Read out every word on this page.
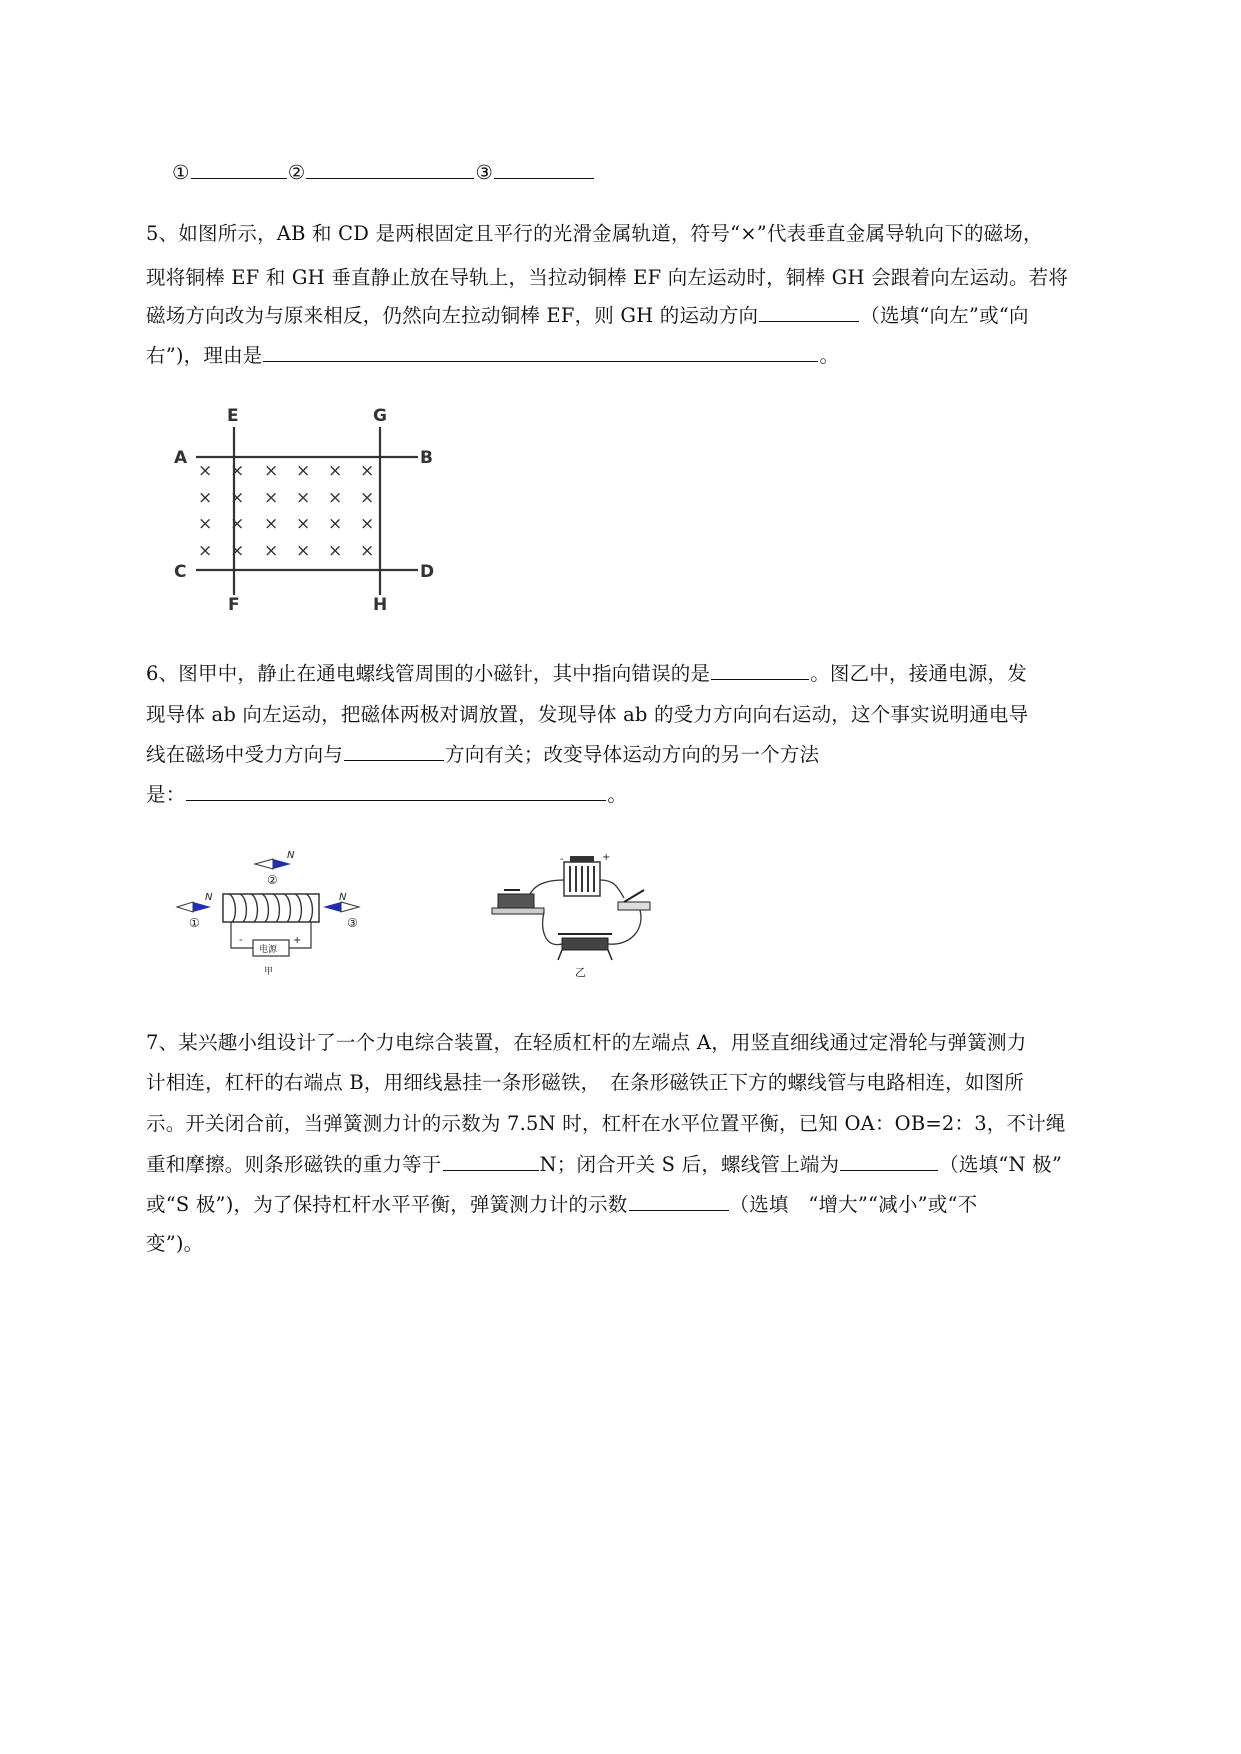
①	②	③
5、如图所示，AB 和 CD 是两根固定且平行的光滑金属轨道，符号“×”代表垂直金属导轨向下的磁场，
现将铜棒 EF 和 GH 垂直静止放在导轨上，当拉动铜棒 EF 向左运动时，铜棒 GH 会跟着向左运动。若将
磁场方向改为与原来相反，仍然向左拉动铜棒 EF，则 GH 的运动方向	（选填“向左”或“向
右”)，理由是	。
E	G
A	B
C	D
F	H
× × × × × ×
× × × × × ×
× × × × × ×
× × × × × ×
6、图甲中，静止在通电螺线管周围的小磁针，其中指向错误的是	。图乙中，接通电源，发
现导体 ab 向左运动，把磁体两极对调放置，发现导体 ab 的受力方向向右运动，这个事实说明通电导
线在磁场中受力方向与	方向有关；改变导体运动方向的另一个方法
是：	。
N
②
N
①
N
③
电源
-	+
甲
-	+
乙
7、某兴趣小组设计了一个力电综合装置，在轻质杠杆的左端点 A，用竖直细线通过定滑轮与弹簧测力
计相连，杠杆的右端点 B，用细线悬挂一条形磁铁，　在条形磁铁正下方的螺线管与电路相连，如图所
示。开关闭合前，当弹簧测力计的示数为 7.5N 时，杠杆在水平位置平衡，已知 OA：OB=2：3，不计绳
重和摩擦。则条形磁铁的重力等于	N；闭合开关 S 后，螺线管上端为	（选填“N 极”
或“S 极”)，为了保持杠杆水平平衡，弹簧测力计的示数	（选填　“增大”“减小”或“不
变”)。
